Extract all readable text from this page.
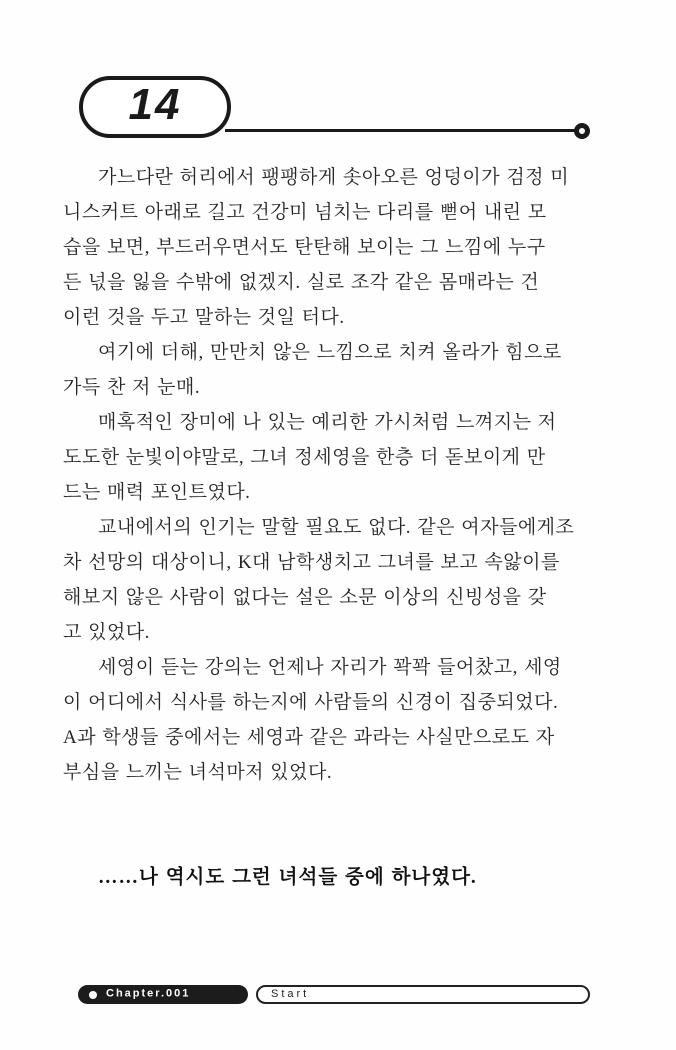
14
가느다란 허리에서 팽팽하게 솟아오른 엉덩이가 검정 미
니스커트 아래로 길고 건강미 넘치는 다리를 뻗어 내린 모
습을 보면, 부드러우면서도 탄탄해 보이는 그 느낌에 누구
든 넋을 잃을 수밖에 없겠지. 실로 조각 같은 몸매라는 건
이런 것을 두고 말하는 것일 터다.
여기에 더해, 만만치 않은 느낌으로 치켜 올라가 힘으로
가득 찬 저 눈매.
매혹적인 장미에 나 있는 예리한 가시처럼 느껴지는 저
도도한 눈빛이야말로, 그녀 정세영을 한층 더 돋보이게 만
드는 매력 포인트였다.
교내에서의 인기는 말할 필요도 없다. 같은 여자들에게조
차 선망의 대상이니, K대 남학생치고 그녀를 보고 속앓이를
해보지 않은 사람이 없다는 설은 소문 이상의 신빙성을 갖
고 있었다.
세영이 듣는 강의는 언제나 자리가 꽉꽉 들어찼고, 세영
이 어디에서 식사를 하는지에 사람들의 신경이 집중되었다.
A과 학생들 중에서는 세영과 같은 과라는 사실만으로도 자
부심을 느끼는 녀석마저 있었다.
……나 역시도 그런 녀석들 중에 하나였다.
Chapter.001	Start
